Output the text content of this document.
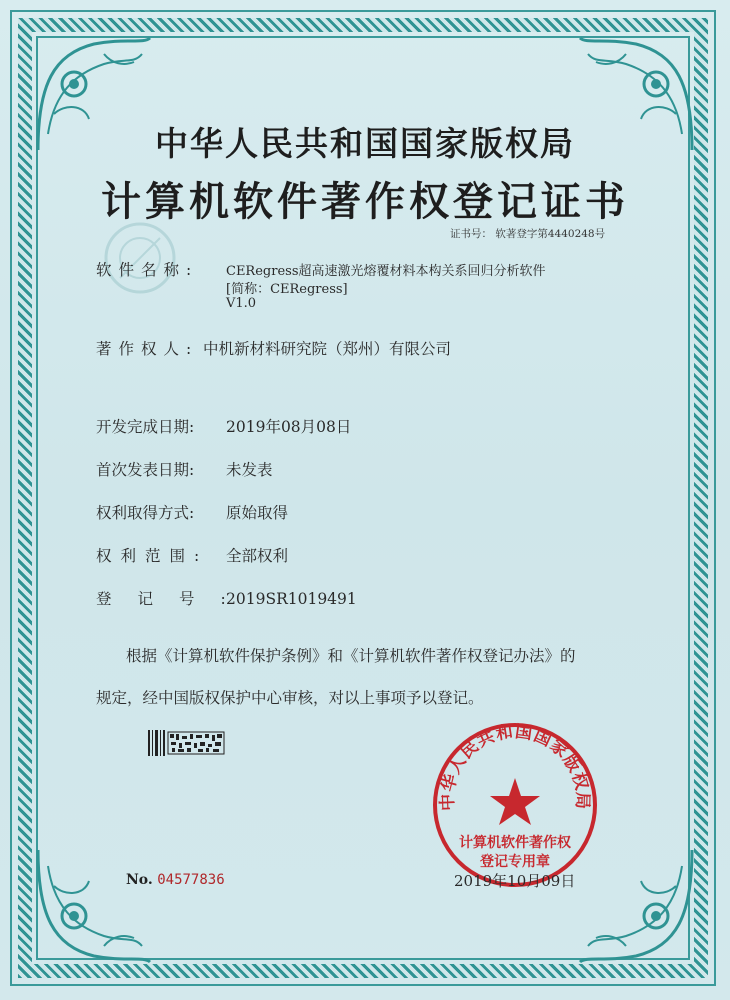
中华人民共和国国家版权局
计算机软件著作权登记证书
证书号： 软著登字第4440248号
软件名称: CERegress超高速激光熔覆材料本构关系回归分析软件
[简称：CERegress]
V1.0
著作权人: 中机新材料研究院（郑州）有限公司
开发完成日期: 2019年08月08日
首次发表日期: 未发表
权利取得方式: 原始取得
权利范围: 全部权利
登记号:2019SR1019491
根据《计算机软件保护条例》和《计算机软件著作权登记办法》的
规定，经中国版权保护中心审核，对以上事项予以登记。
中华人民共和国国家版权局
计算机软件著作权
登记专用章
No. 04577836	2019年10月09日
